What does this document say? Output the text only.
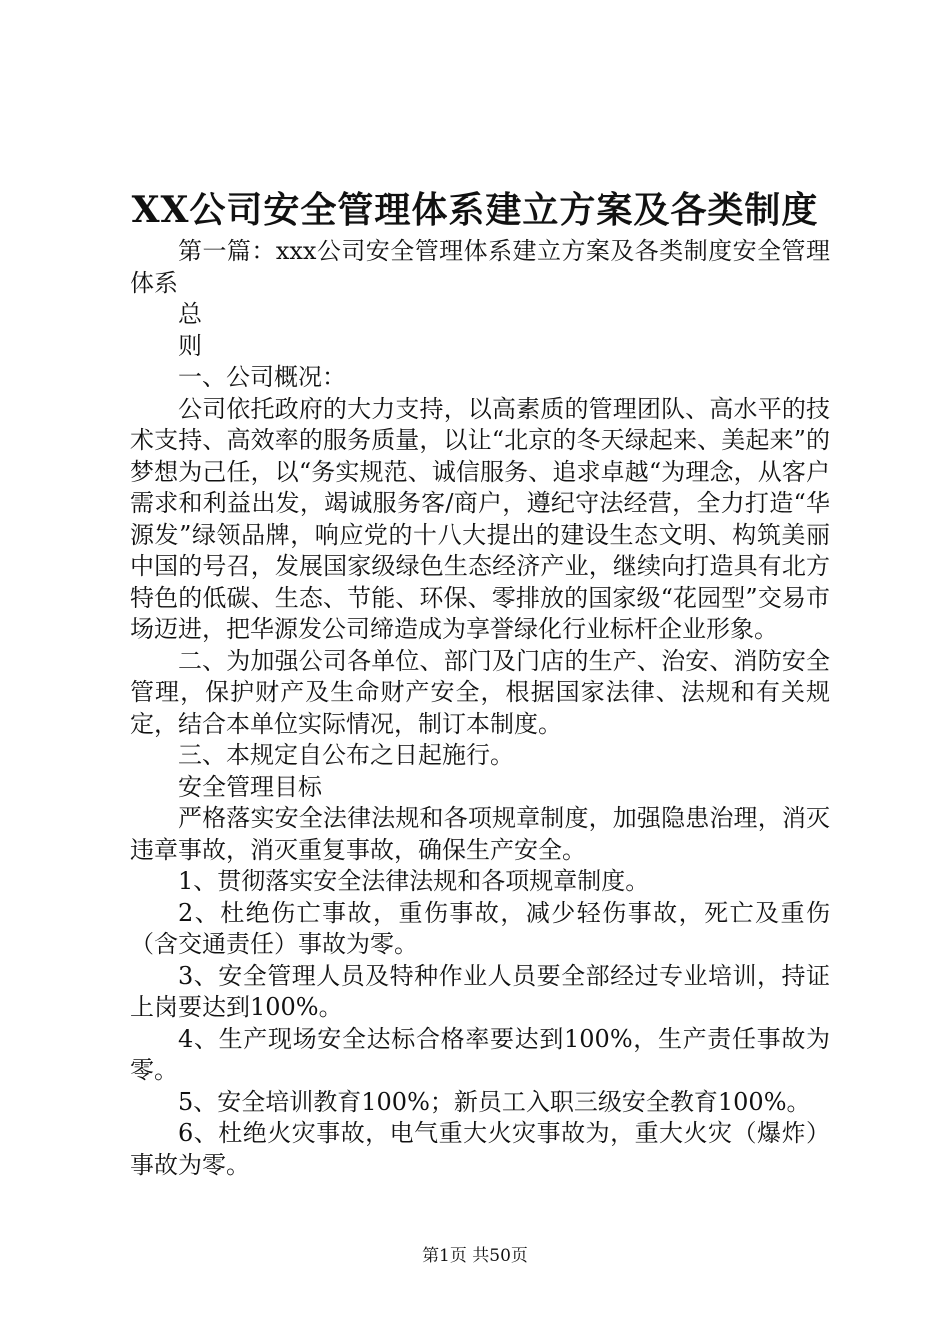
XX公司安全管理体系建立方案及各类制度

第一篇：xxx公司安全管理体系建立方案及各类制度安全管理体系

总

则

一、公司概况：

公司依托政府的大力支持，以高素质的管理团队、高水平的技术支持、高效率的服务质量，以让“北京的冬天绿起来、美起来”的梦想为己任，以“务实规范、诚信服务、追求卓越“为理念，从客户需求和利益出发，竭诚服务客/商户，遵纪守法经营，全力打造“华源发”绿领品牌，响应党的十八大提出的建设生态文明、构筑美丽中国的号召，发展国家级绿色生态经济产业，继续向打造具有北方特色的低碳、生态、节能、环保、零排放的国家级“花园型”交易市场迈进，把华源发公司缔造成为享誉绿化行业标杆企业形象。

二、为加强公司各单位、部门及门店的生产、治安、消防安全管理，保护财产及生命财产安全，根据国家法律、法规和有关规定，结合本单位实际情况，制订本制度。

三、本规定自公布之日起施行。

安全管理目标

严格落实安全法律法规和各项规章制度，加强隐患治理，消灭违章事故，消灭重复事故，确保生产安全。

1、贯彻落实安全法律法规和各项规章制度。

2、杜绝伤亡事故，重伤事故，减少轻伤事故，死亡及重伤（含交通责任）事故为零。

3、安全管理人员及特种作业人员要全部经过专业培训，持证上岗要达到100%。

4、生产现场安全达标合格率要达到100%，生产责任事故为零。

5、安全培训教育100%；新员工入职三级安全教育100%。

6、杜绝火灾事故，电气重大火灾事故为，重大火灾（爆炸）事故为零。

第1页 共50页
